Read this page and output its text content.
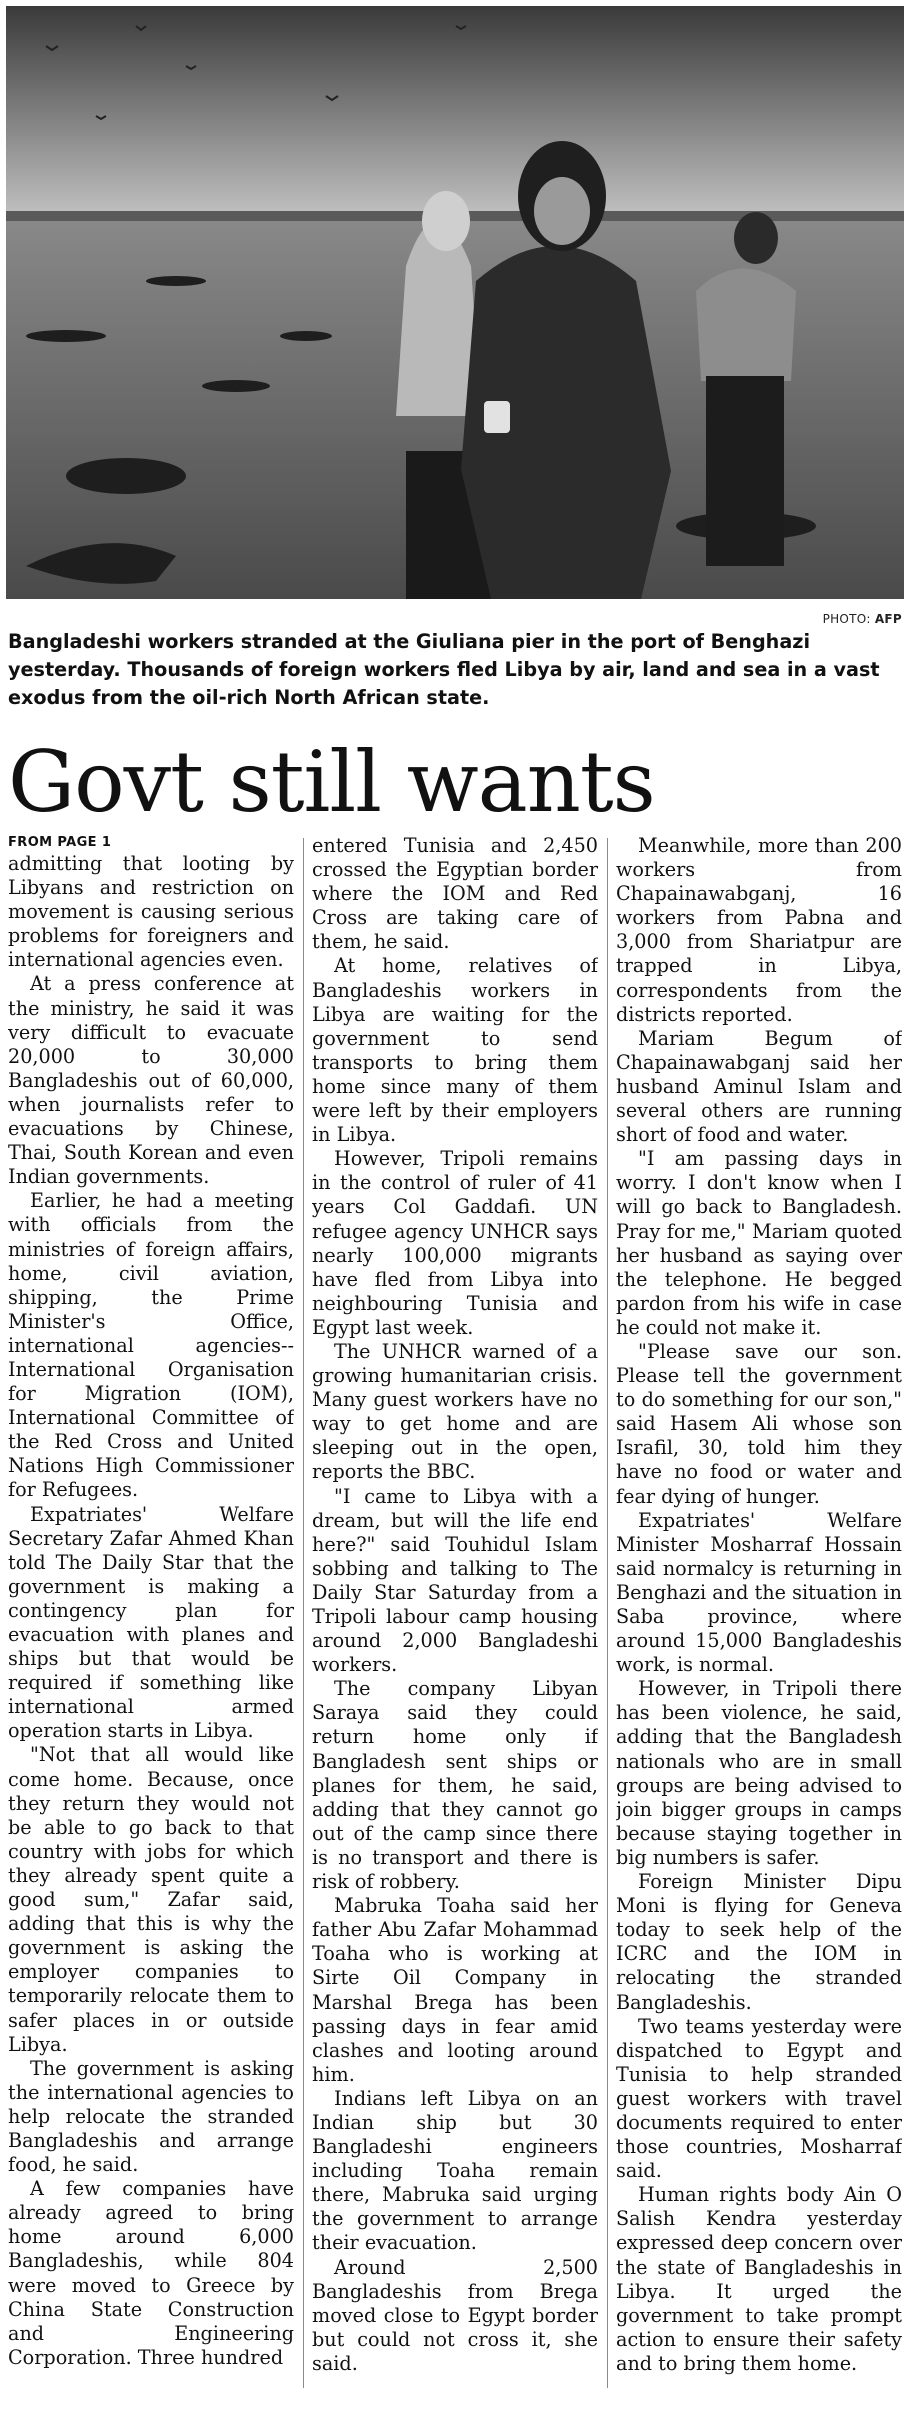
PHOTO: AFP
Bangladeshi workers stranded at the Giuliana pier in the port of Benghazi yesterday. Thousands of foreign workers fled Libya by air, land and sea in a vast exodus from the oil-rich North African state.
Govt still wants
FROM PAGE 1

admitting that looting by Libyans and restriction on movement is causing serious problems for foreigners and international agencies even.

At a press conference at the ministry, he said it was very difficult to evacuate 20,000 to 30,000 Bangladeshis out of 60,000, when journalists refer to evacuations by Chinese, Thai, South Korean and even Indian governments.

Earlier, he had a meeting with officials from the ministries of foreign affairs, home, civil aviation, shipping, the Prime Minister's Office, international agencies--International Organisation for Migration (IOM), International Committee of the Red Cross and United Nations High Commissioner for Refugees.

Expatriates' Welfare Secretary Zafar Ahmed Khan told The Daily Star that the government is making a contingency plan for evacuation with planes and ships but that would be required if something like international armed operation starts in Libya.

"Not that all would like come home. Because, once they return they would not be able to go back to that country with jobs for which they already spent quite a good sum," Zafar said, adding that this is why the government is asking the employer companies to temporarily relocate them to safer places in or outside Libya.

The government is asking the international agencies to help relocate the stranded Bangladeshis and arrange food, he said.

A few companies have already agreed to bring home around 6,000 Bangladeshis, while 804 were moved to Greece by China State Construction and Engineering Corporation. Three hundred

entered Tunisia and 2,450 crossed the Egyptian border where the IOM and Red Cross are taking care of them, he said.

At home, relatives of Bangladeshis workers in Libya are waiting for the government to send transports to bring them home since many of them were left by their employers in Libya.

However, Tripoli remains in the control of ruler of 41 years Col Gaddafi. UN refugee agency UNHCR says nearly 100,000 migrants have fled from Libya into neighbouring Tunisia and Egypt last week.

The UNHCR warned of a growing humanitarian crisis. Many guest workers have no way to get home and are sleeping out in the open, reports the BBC.

"I came to Libya with a dream, but will the life end here?" said Touhidul Islam sobbing and talking to The Daily Star Saturday from a Tripoli labour camp housing around 2,000 Bangladeshi workers.

The company Libyan Saraya said they could return home only if Bangladesh sent ships or planes for them, he said, adding that they cannot go out of the camp since there is no transport and there is risk of robbery.

Mabruka Toaha said her father Abu Zafar Mohammad Toaha who is working at Sirte Oil Company in Marshal Brega has been passing days in fear amid clashes and looting around him.

Indians left Libya on an Indian ship but 30 Bangladeshi engineers including Toaha remain there, Mabruka said urging the government to arrange their evacuation.

Around 2,500 Bangladeshis from Brega moved close to Egypt border but could not cross it, she said.

Meanwhile, more than 200 workers from Chapainawabganj, 16 workers from Pabna and 3,000 from Shariatpur are trapped in Libya, correspondents from the districts reported.

Mariam Begum of Chapainawabganj said her husband Aminul Islam and several others are running short of food and water.

"I am passing days in worry. I don't know when I will go back to Bangladesh. Pray for me," Mariam quoted her husband as saying over the telephone. He begged pardon from his wife in case he could not make it.

"Please save our son. Please tell the government to do something for our son," said Hasem Ali whose son Israfil, 30, told him they have no food or water and fear dying of hunger.

Expatriates' Welfare Minister Mosharraf Hossain said normalcy is returning in Benghazi and the situation in Saba province, where around 15,000 Bangladeshis work, is normal.

However, in Tripoli there has been violence, he said, adding that the Bangladesh nationals who are in small groups are being advised to join bigger groups in camps because staying together in big numbers is safer.

Foreign Minister Dipu Moni is flying for Geneva today to seek help of the ICRC and the IOM in relocating the stranded Bangladeshis.

Two teams yesterday were dispatched to Egypt and Tunisia to help stranded guest workers with travel documents required to enter those countries, Mosharraf said.

Human rights body Ain O Salish Kendra yesterday expressed deep concern over the state of Bangladeshis in Libya. It urged the government to take prompt action to ensure their safety and to bring them home.
